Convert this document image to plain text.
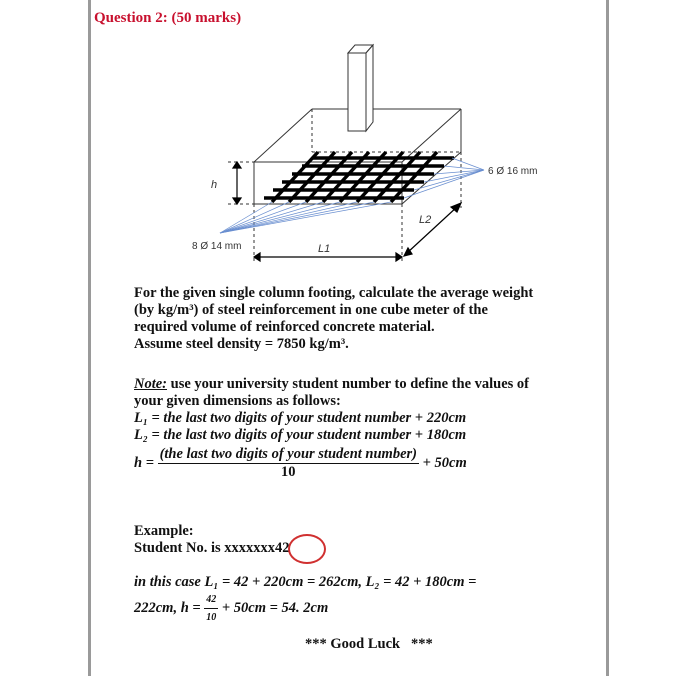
Question 2: (50 marks)
6 Ø 16 mm
8 Ø 14 mm
h
L1
L2
For the given single column footing, calculate the average weight
(by kg/m³) of steel reinforcement in one cube meter of the
required volume of reinforced concrete material.
Assume steel density = 7850 kg/m³.
Note: use your university student number to define the values of
your given dimensions as follows:
L₁ = the last two digits of your student number + 220cm
L₂ = the last two digits of your student number + 180cm
$h = \frac{\text{(the last two digits of your student number)}}{10} + 50cm$
Example:
Student No. is xxxxxxx42
in this case L₁ = 42 + 220cm = 262cm, L₂ = 42 + 180cm =
222cm, $h = \frac{42}{10} + 50cm = 54$. 2cm
*** Good Luck   ***
